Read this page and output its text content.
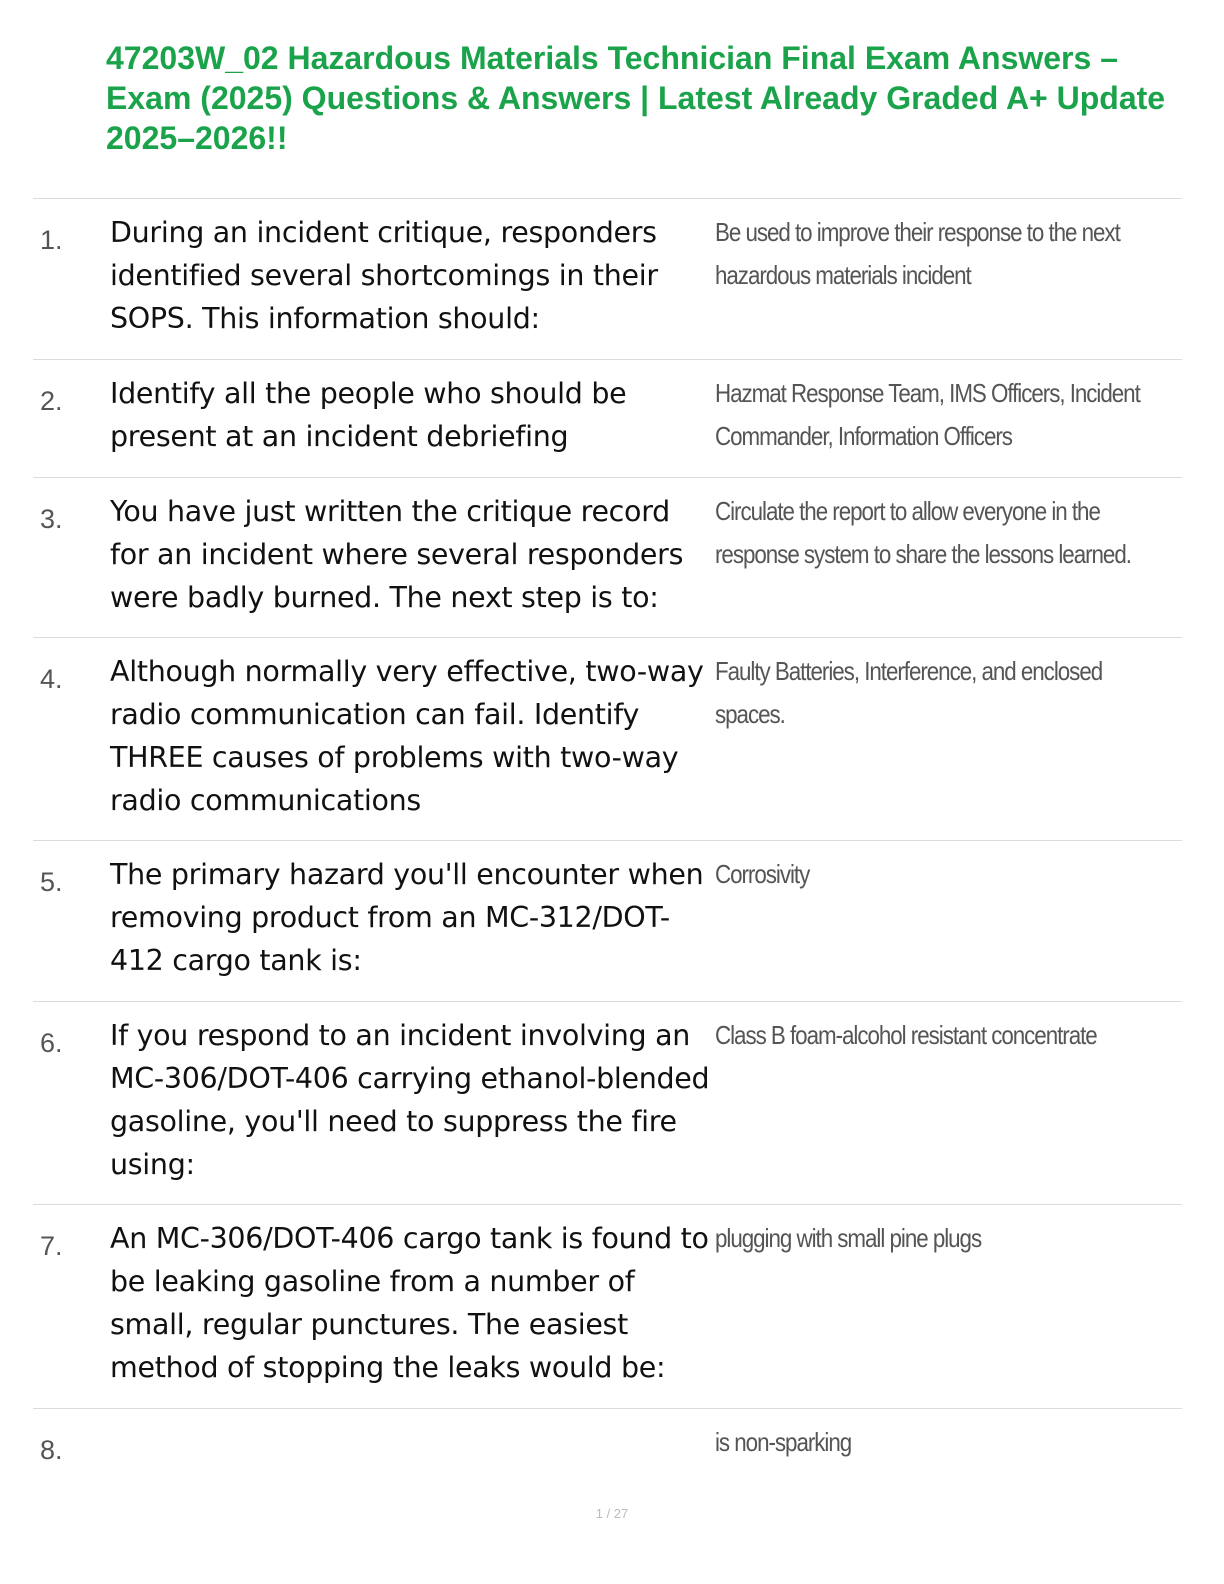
47203W_02 Hazardous Materials Technician Final Exam Answers – Exam (2025) Questions & Answers | Latest Already Graded A+ Update 2025–2026!!
1. During an incident critique, responders identified several shortcomings in their SOPS. This information should:
Be used to improve their response to the next
hazardous materials incident
2. Identify all the people who should be present at an incident debriefing
Hazmat Response Team, IMS Officers, Incident
Commander, Information Officers
3. You have just written the critique record for an incident where several responders were badly burned. The next step is to:
Circulate the report to allow everyone in the
response system to share the lessons learned.
4. Although normally very effective, two-way radio communication can fail. Identify THREE causes of problems with two-way radio communications
Faulty Batteries, Interference, and enclosed
spaces.
5. The primary hazard you'll encounter when removing product from an MC-312/DOT-412 cargo tank is:
Corrosivity
6. If you respond to an incident involving an MC-306/DOT-406 carrying ethanol-blended gasoline, you'll need to suppress the fire using:
Class B foam-alcohol resistant concentrate
7. An MC-306/DOT-406 cargo tank is found to be leaking gasoline from a number of small, regular punctures. The easiest method of stopping the leaks would be:
plugging with small pine plugs
8.	is non-sparking
1 / 27
